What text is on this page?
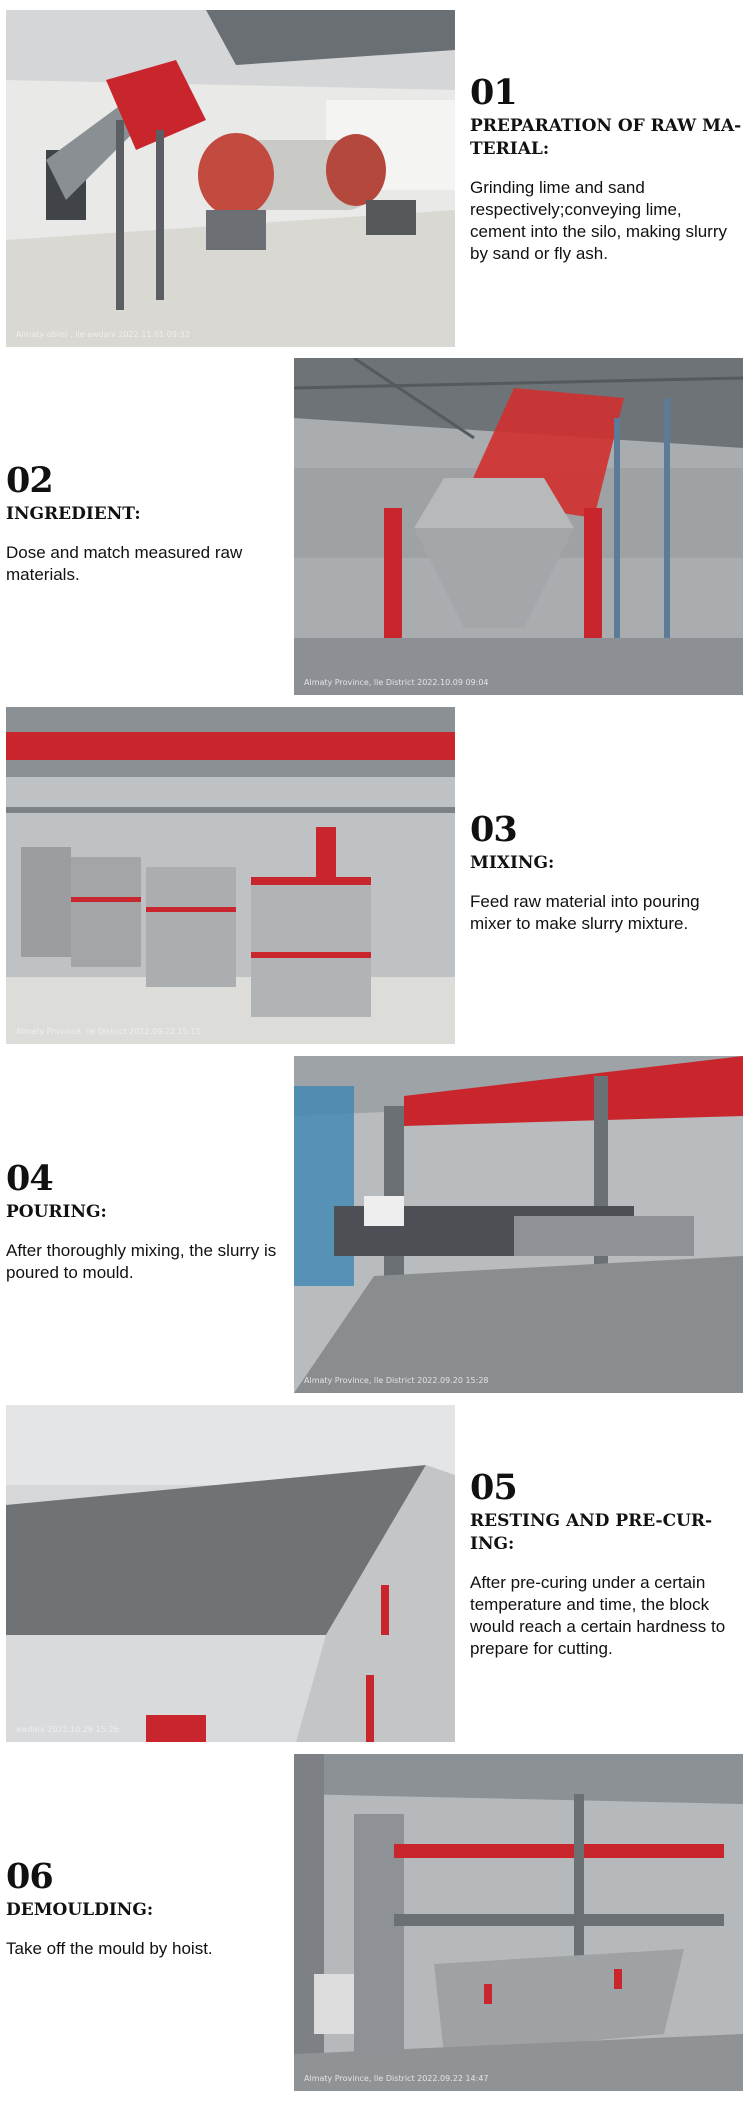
Almaty oblisi , lle awdani 2022.11.01 09:32

01

PREPARATION OF RAW MA-
TERIAL:

Grinding lime and sand respectively;conveying lime, cement into the silo, making slurry by sand or fly ash.

Almaty Province, lle District 2022.10.09 09:04

02

INGREDIENT:

Dose and match measured raw materials.

Almaty Province, lle District 2022.09.22 15:11

03

MIXING:

Feed raw material into pouring mixer to make slurry mixture.

Almaty Province, lle District 2022.09.20 15:28

04

POURING:

After thoroughly mixing, the slurry is poured to mould.

awdani 2022.10.26 15:26

05

RESTING AND PRE-CUR-
ING:

After pre-curing under a certain temperature and time, the block would reach a certain hardness to prepare for cutting.

Almaty Province, lle District 2022.09.22 14:47

06

DEMOULDING:

Take off the mould by hoist.
